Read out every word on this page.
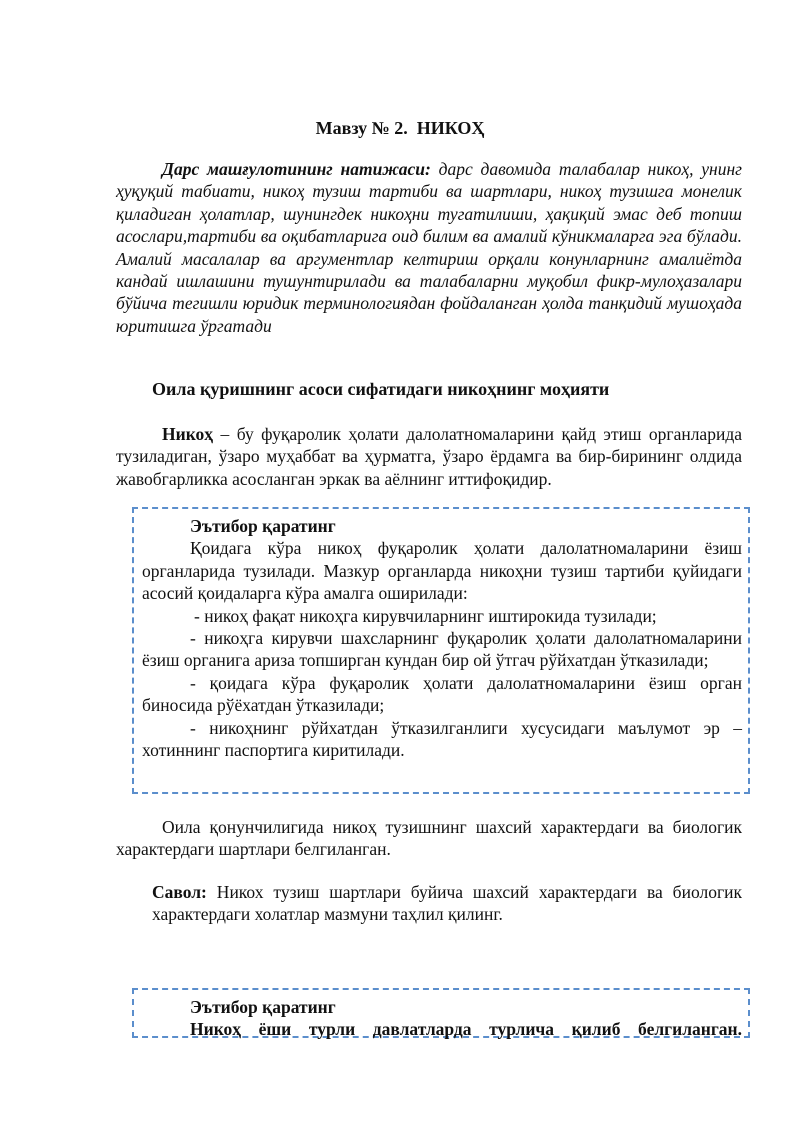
Мавзу № 2.  НИКОҲ
Дарс машғулотининг натижаси: дарс давомида талабалар никоҳ, унинг ҳуқуқий табиати, никоҳ тузиш тартиби ва шартлари, никоҳ тузишга монелик қиладиган ҳолатлар, шунингдек никоҳни тугатилиши, ҳақиқий эмас деб топиш асослари,тартиби ва оқибатларига оид билим ва амалий кўникмаларга эга бўлади. Амалий масалалар ва аргументлар келтириш орқали конунларнинг амалиётда кандай ишлашини тушунтирилади ва талабаларни муқобил фикр-мулоҳазалари бўйича тегишли юридик терминологиядан фойдаланган ҳолда танқидий мушоҳада юритишга ўргатади
Оила қуришнинг асоси сифатидаги никоҳнинг моҳияти
Никоҳ – бу фуқаролик ҳолати далолатномаларини қайд этиш органларида тузиладиган, ўзаро муҳаббат ва ҳурматга, ўзаро ёрдамга ва бир-бирининг олдида жавобгарликка асосланган эркак ва аёлнинг иттифоқидир.
Эътибор қаратинг

Қоидага кўра никоҳ фуқаролик ҳолати далолатномаларини ёзиш органларида тузилади. Мазкур органларда никоҳни тузиш тартиби қуйидаги асосий қоидаларга кўра амалга оширилади:

- никоҳ фақат никоҳга кирувчиларнинг иштирокида тузилади;

- никоҳга кирувчи шахсларнинг фуқаролик ҳолати далолатномаларини ёзиш органига ариза топширган кундан бир ой ўтгач рўйхатдан ўтказилади;

- қоидага кўра фуқаролик ҳолати далолатномаларини ёзиш орган биносида рўёхатдан ўтказилади;

- никоҳнинг рўйхатдан ўтказилганлиги хусусидаги маълумот эр – хотиннинг паспортига киритилади.

Оила қонунчилигида никоҳ тузишнинг шахсий характердаги ва биологик характердаги шартлари белгиланган.
Савол: Никох тузиш шартлари буйича шахсий характердаги ва биологик характердаги холатлар мазмуни таҳлил қилинг.
Эътибор қаратинг
Никоҳ ёши турли давлатларда турлича қилиб белгиланган.
